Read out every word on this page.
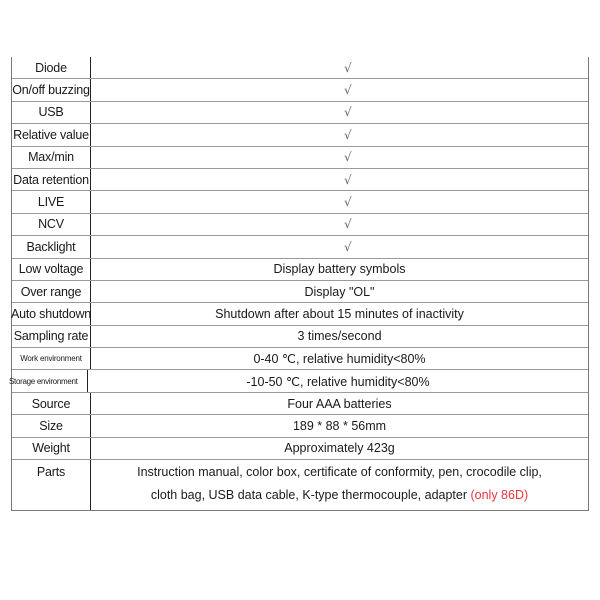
Diode	√
On/off buzzing	√
USB	√
Relative value	√
Max/min	√
Data retention	√
LIVE	√
NCV	√
Backlight	√
Low voltage	Display battery symbols
Over range	Display "OL"
Auto shutdown	Shutdown after about 15 minutes of inactivity
Sampling rate	3 times/second
Work environment	0-40 ℃, relative humidity<80%
Storage environment	-10-50 ℃, relative humidity<80%
Source	Four AAA batteries
Size	189 * 88 * 56mm
Weight	Approximately 423g
Parts	Instruction manual, color box, certificate of conformity, pen, crocodile clip,
cloth bag, USB data cable, K-type thermocouple, adapter (only 86D)
